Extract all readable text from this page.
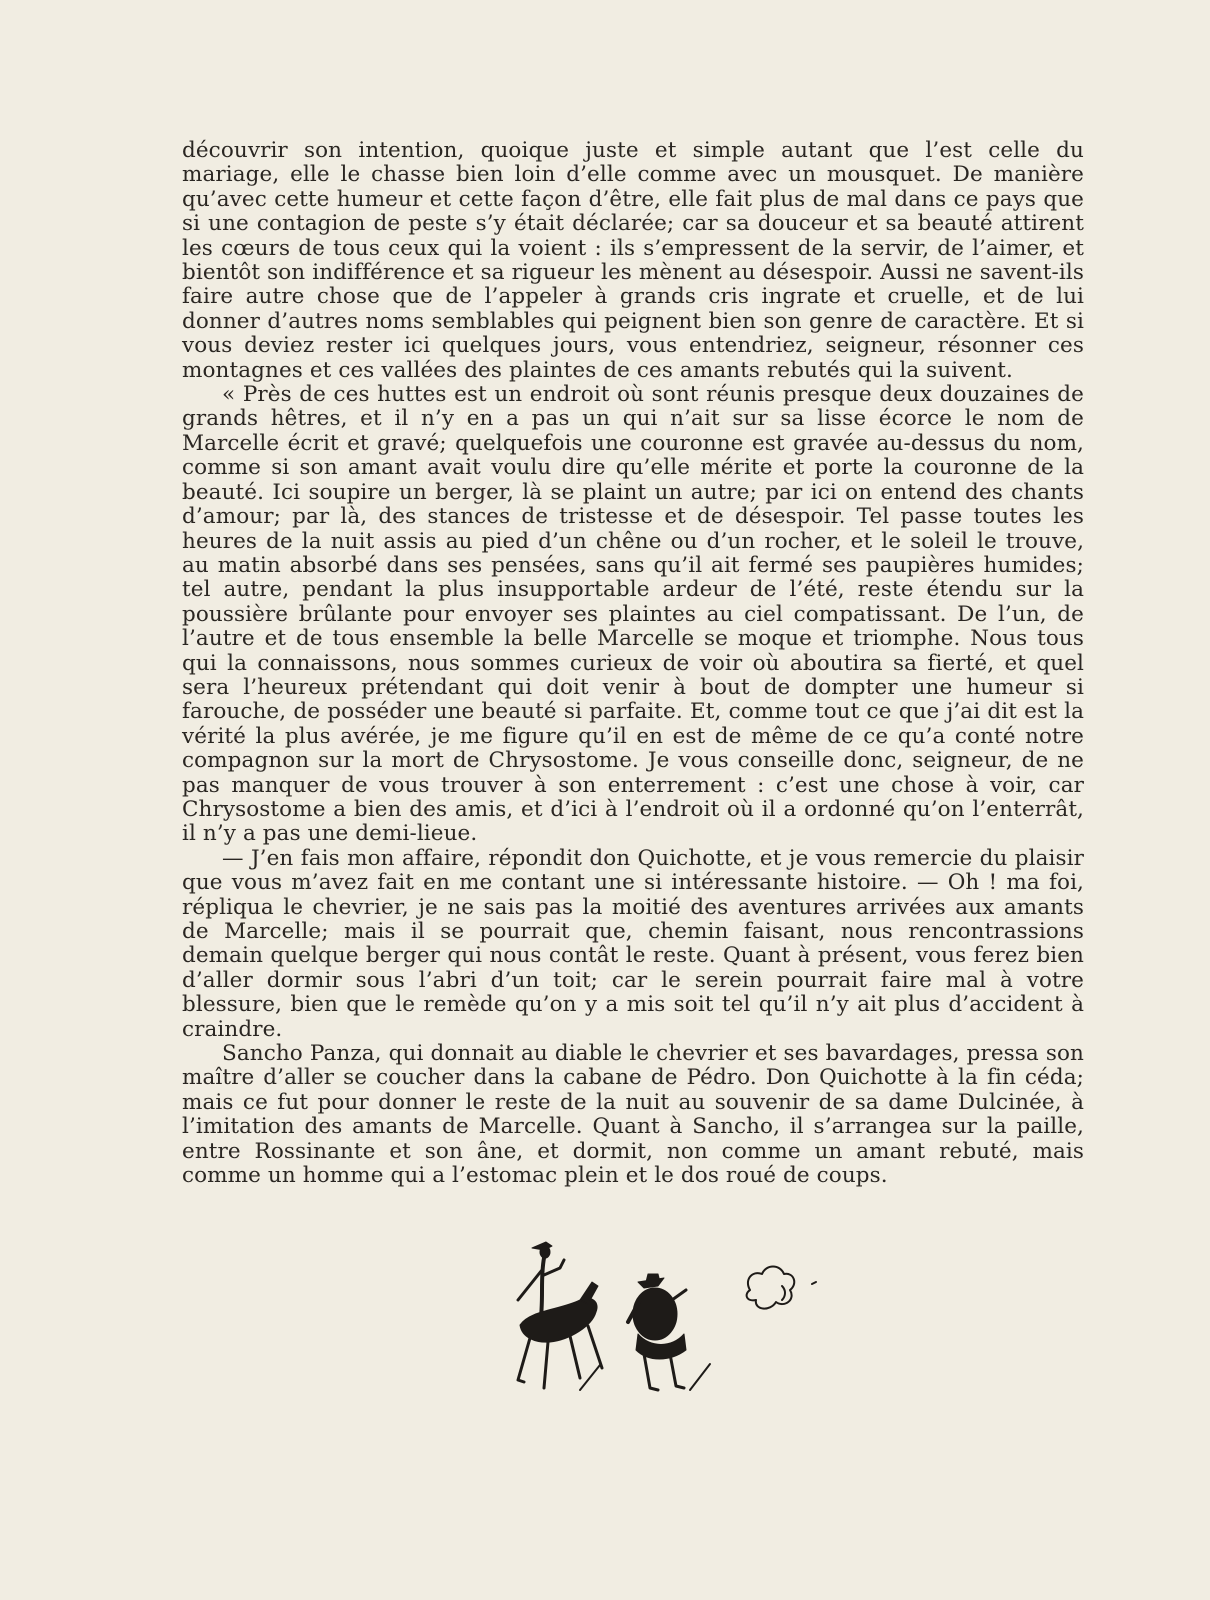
découvrir son intention, quoique juste et simple autant que l’est celle du mariage, elle le chasse bien loin d’elle comme avec un mousquet. De manière qu’avec cette humeur et cette façon d’être, elle fait plus de mal dans ce pays que si une contagion de peste s’y était déclarée; car sa douceur et sa beauté attirent les cœurs de tous ceux qui la voient : ils s’empressent de la servir, de l’aimer, et bientôt son indifférence et sa rigueur les mènent au désespoir. Aussi ne savent-ils faire autre chose que de l’appeler à grands cris ingrate et cruelle, et de lui donner d’autres noms semblables qui peignent bien son genre de caractère. Et si vous deviez rester ici quelques jours, vous entendriez, seigneur, résonner ces montagnes et ces vallées des plaintes de ces amants rebutés qui la suivent.

« Près de ces huttes est un endroit où sont réunis presque deux douzaines de grands hêtres, et il n’y en a pas un qui n’ait sur sa lisse écorce le nom de Marcelle écrit et gravé; quelquefois une couronne est gravée au-dessus du nom, comme si son amant avait voulu dire qu’elle mérite et porte la couronne de la beauté. Ici soupire un berger, là se plaint un autre; par ici on entend des chants d’amour; par là, des stances de tristesse et de désespoir. Tel passe toutes les heures de la nuit assis au pied d’un chêne ou d’un rocher, et le soleil le trouve, au matin absorbé dans ses pensées, sans qu’il ait fermé ses paupières humides; tel autre, pendant la plus insupportable ardeur de l’été, reste étendu sur la poussière brûlante pour envoyer ses plaintes au ciel compatissant. De l’un, de l’autre et de tous ensemble la belle Marcelle se moque et triomphe. Nous tous qui la connaissons, nous sommes curieux de voir où aboutira sa fierté, et quel sera l’heureux prétendant qui doit venir à bout de dompter une humeur si farouche, de posséder une beauté si parfaite. Et, comme tout ce que j’ai dit est la vérité la plus avérée, je me figure qu’il en est de même de ce qu’a conté notre compagnon sur la mort de Chrysostome. Je vous conseille donc, seigneur, de ne pas manquer de vous trouver à son enterrement : c’est une chose à voir, car Chrysostome a bien des amis, et d’ici à l’endroit où il a ordonné qu’on l’enterrât, il n’y a pas une demi-lieue.

— J’en fais mon affaire, répondit don Quichotte, et je vous remercie du plaisir que vous m’avez fait en me contant une si intéressante histoire. — Oh ! ma foi, répliqua le chevrier, je ne sais pas la moitié des aventures arrivées aux amants de Marcelle; mais il se pourrait que, chemin faisant, nous rencontrassions demain quelque berger qui nous contât le reste. Quant à présent, vous ferez bien d’aller dormir sous l’abri d’un toit; car le serein pourrait faire mal à votre blessure, bien que le remède qu’on y a mis soit tel qu’il n’y ait plus d’accident à craindre.

Sancho Panza, qui donnait au diable le chevrier et ses bavardages, pressa son maître d’aller se coucher dans la cabane de Pédro. Don Quichotte à la fin céda; mais ce fut pour donner le reste de la nuit au souvenir de sa dame Dulcinée, à l’imitation des amants de Marcelle. Quant à Sancho, il s’arrangea sur la paille, entre Rossinante et son âne, et dormit, non comme un amant rebuté, mais comme un homme qui a l’estomac plein et le dos roué de coups.
